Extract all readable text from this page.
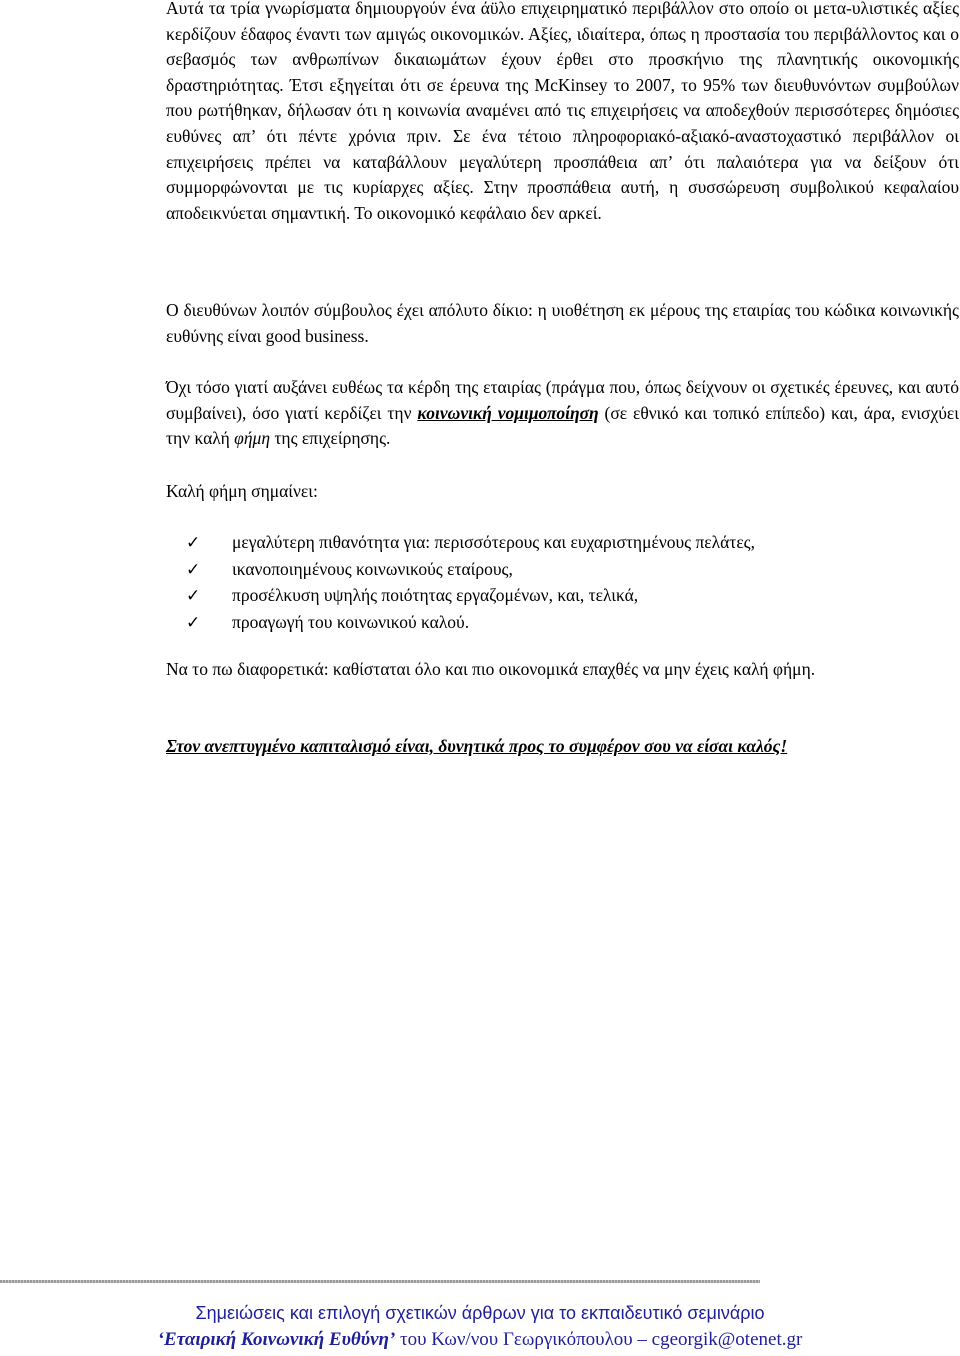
Αυτά τα τρία γνωρίσματα δημιουργούν ένα άϋλο επιχειρηματικό περιβάλλον στο οποίο οι μετα-υλιστικές αξίες κερδίζουν έδαφος έναντι των αμιγώς οικονομικών. Αξίες, ιδιαίτερα, όπως η προστασία του περιβάλλοντος και ο σεβασμός των ανθρωπίνων δικαιωμάτων έχουν έρθει στο προσκήνιο της πλανητικής οικονομικής δραστηριότητας. Έτσι εξηγείται ότι σε έρευνα της McKinsey το 2007, το 95% των διευθυνόντων συμβούλων που ρωτήθηκαν, δήλωσαν ότι η κοινωνία αναμένει από τις επιχειρήσεις να αποδεχθούν περισσότερες δημόσιες ευθύνες απ’ ότι πέντε χρόνια πριν. Σε ένα τέτοιο πληροφοριακό-αξιακό-αναστοχαστικό περιβάλλον οι επιχειρήσεις πρέπει να καταβάλλουν μεγαλύτερη προσπάθεια απ’ ότι παλαιότερα για να δείξουν ότι συμμορφώνονται με τις κυρίαρχες αξίες. Στην προσπάθεια αυτή, η συσσώρευση συμβολικού κεφαλαίου αποδεικνύεται σημαντική. Το οικονομικό κεφάλαιο δεν αρκεί.

Ο διευθύνων λοιπόν σύμβουλος έχει απόλυτο δίκιο: η υιοθέτηση εκ μέρους της εταιρίας του κώδικα κοινωνικής ευθύνης είναι good business.

Όχι τόσο γιατί αυξάνει ευθέως τα κέρδη της εταιρίας (πράγμα που, όπως δείχνουν οι σχετικές έρευνες, και αυτό συμβαίνει), όσο γιατί κερδίζει την κοινωνική νομιμοποίηση (σε εθνικό και τοπικό επίπεδο) και, άρα, ενισχύει την καλή φήμη της επιχείρησης.

Καλή φήμη σημαίνει:

✓ μεγαλύτερη πιθανότητα για: περισσότερους και ευχαριστημένους πελάτες,
✓ ικανοποιημένους κοινωνικούς εταίρους,
✓ προσέλκυση υψηλής ποιότητας εργαζομένων, και, τελικά,
✓ προαγωγή του κοινωνικού καλού.

Να το πω διαφορετικά: καθίσταται όλο και πιο οικονομικά επαχθές να μην έχεις καλή φήμη.

Στον ανεπτυγμένο καπιταλισμό είναι, δυνητικά προς το συμφέρον σου να είσαι καλός!

Σημειώσεις και επιλογή σχετικών άρθρων για το εκπαιδευτικό σεμινάριο
‘Εταιρική Κοινωνική Ευθύνη’ του Κων/νου Γεωργικόπουλου – cgeorgik@otenet.gr
